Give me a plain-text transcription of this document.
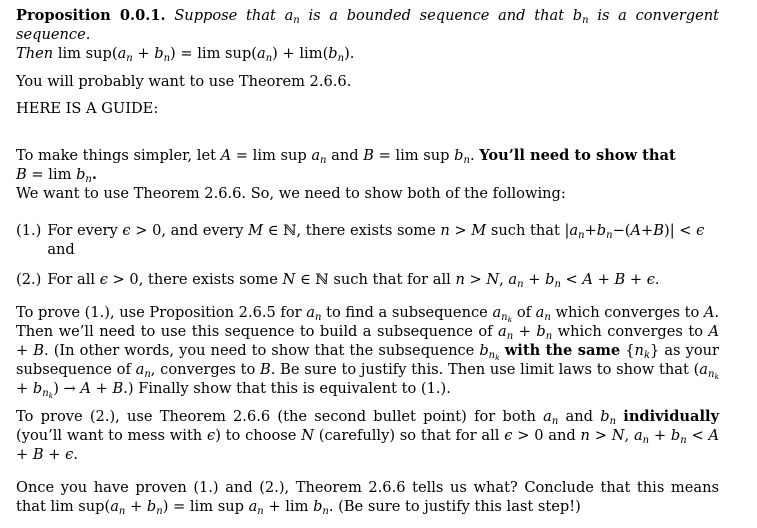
Proposition 0.0.1. Suppose that $a_n$ is a bounded sequence and that $b_n$ is a convergent sequence.
Then $\lim sup(a_n + b_n) = \lim sup(a_n) + \lim(b_n)$.

You will probably want to use Theorem 2.6.6.

HERE IS A GUIDE:

To make things simpler, let A = lim sup $a_n$ and B = lim sup $b_n$. You’ll need to show that
$B = \lim b_n$.
We want to use Theorem 2.6.6. So, we need to show both of the following:

(1.) For every ϵ > 0, and every M ∈ ℕ, there exists some n > M such that $|a_n+b_n-(A+B)| < \epsilon$
and
(2.) For all ϵ > 0, there exists some N ∈ ℕ such that for all n > N, $a_n + b_n < A + B + \epsilon$.

To prove (1.), use Proposition 2.6.5 for $a_n$ to find a subsequence $a_{n_k}$ of $a_n$ which converges to A. Then we’ll need to use this sequence to build a subsequence of $a_n + b_n$ which converges to A + B. (In other words, you need to show that the subsequence $b_{n_k}$ with the same $\{n_k\}$ as your subsequence of $a_n$, converges to B. Be sure to justify this. Then use limit laws to show that $(a_{n_k} + b_{n_k}) \to A + B$.) Finally show that this is equivalent to (1.).

To prove (2.), use Theorem 2.6.6 (the second bullet point) for both $a_n$ and $b_n$ individually (you’ll want to mess with ϵ) to choose N (carefully) so that for all ϵ > 0 and n > N, $a_n + b_n < A + B + \epsilon$.

Once you have proven (1.) and (2.), Theorem 2.6.6 tells us what? Conclude that this means that $\lim sup(a_n + b_n) = \lim$ sup $a_n + \lim b_n$. (Be sure to justify this last step!)
